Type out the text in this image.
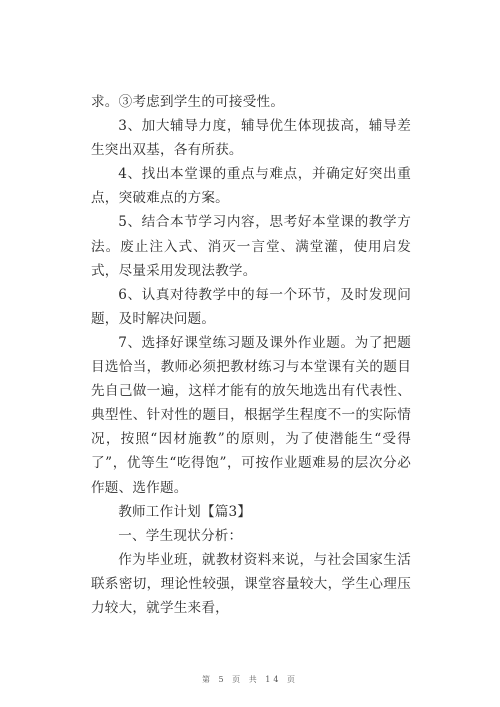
求。③考虑到学生的可接受性。

3、加大辅导力度，辅导优生体现拔高，辅导差生突出双基，各有所获。

4、找出本堂课的重点与难点，并确定好突出重点，突破难点的方案。

5、结合本节学习内容，思考好本堂课的教学方法。废止注入式、消灭一言堂、满堂灌，使用启发式，尽量采用发现法教学。

6、认真对待教学中的每一个环节，及时发现问题，及时解决问题。

7、选择好课堂练习题及课外作业题。为了把题目选恰当，教师必须把教材练习与本堂课有关的题目先自己做一遍，这样才能有的放矢地选出有代表性、典型性、针对性的题目，根据学生程度不一的实际情况，按照“因材施教”的原则，为了使潜能生“受得了”，优等生“吃得饱”，可按作业题难易的层次分必作题、选作题。

教师工作计划【篇3】

一、学生现状分析：

作为毕业班，就教材资料来说，与社会国家生活联系密切，理论性较强，课堂容量较大，学生心理压力较大，就学生来看，

第 5 页 共 14 页
